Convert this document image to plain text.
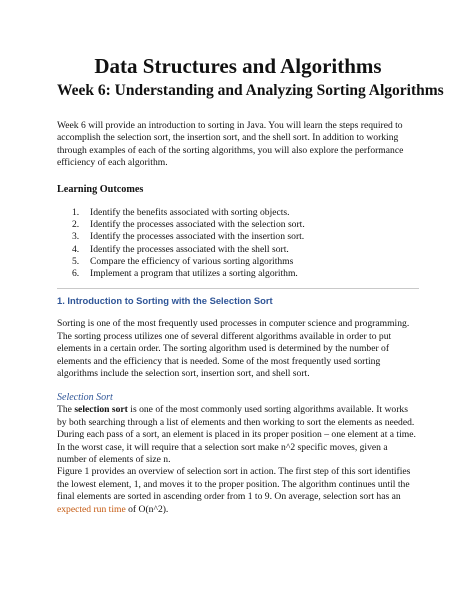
Data Structures and Algorithms
Week 6: Understanding and Analyzing Sorting Algorithms

Week 6 will provide an introduction to sorting in Java. You will learn the steps required to accomplish the selection sort, the insertion sort, and the shell sort. In addition to working through examples of each of the sorting algorithms, you will also explore the performance efficiency of each algorithm.

Learning Outcomes

1.	Identify the benefits associated with sorting objects.
2.	Identify the processes associated with the selection sort.
3.	Identify the processes associated with the insertion sort.
4.	Identify the processes associated with the shell sort.
5.	Compare the efficiency of various sorting algorithms
6.	Implement a program that utilizes a sorting algorithm.
1. Introduction to Sorting with the Selection Sort

Sorting is one of the most frequently used processes in computer science and programming. The sorting process utilizes one of several different algorithms available in order to put elements in a certain order. The sorting algorithm used is determined by the number of elements and the efficiency that is needed. Some of the most frequently used sorting algorithms include the selection sort, insertion sort, and shell sort.

Selection Sort

The selection sort is one of the most commonly used sorting algorithms available. It works by both searching through a list of elements and then working to sort the elements as needed.

During each pass of a sort, an element is placed in its proper position – one element at a time. In the worst case, it will require that a selection sort make n^2 specific moves, given a number of elements of size n.

Figure 1 provides an overview of selection sort in action. The first step of this sort identifies the lowest element, 1, and moves it to the proper position. The algorithm continues until the final elements are sorted in ascending order from 1 to 9. On average, selection sort has an expected run time of O(n^2).
